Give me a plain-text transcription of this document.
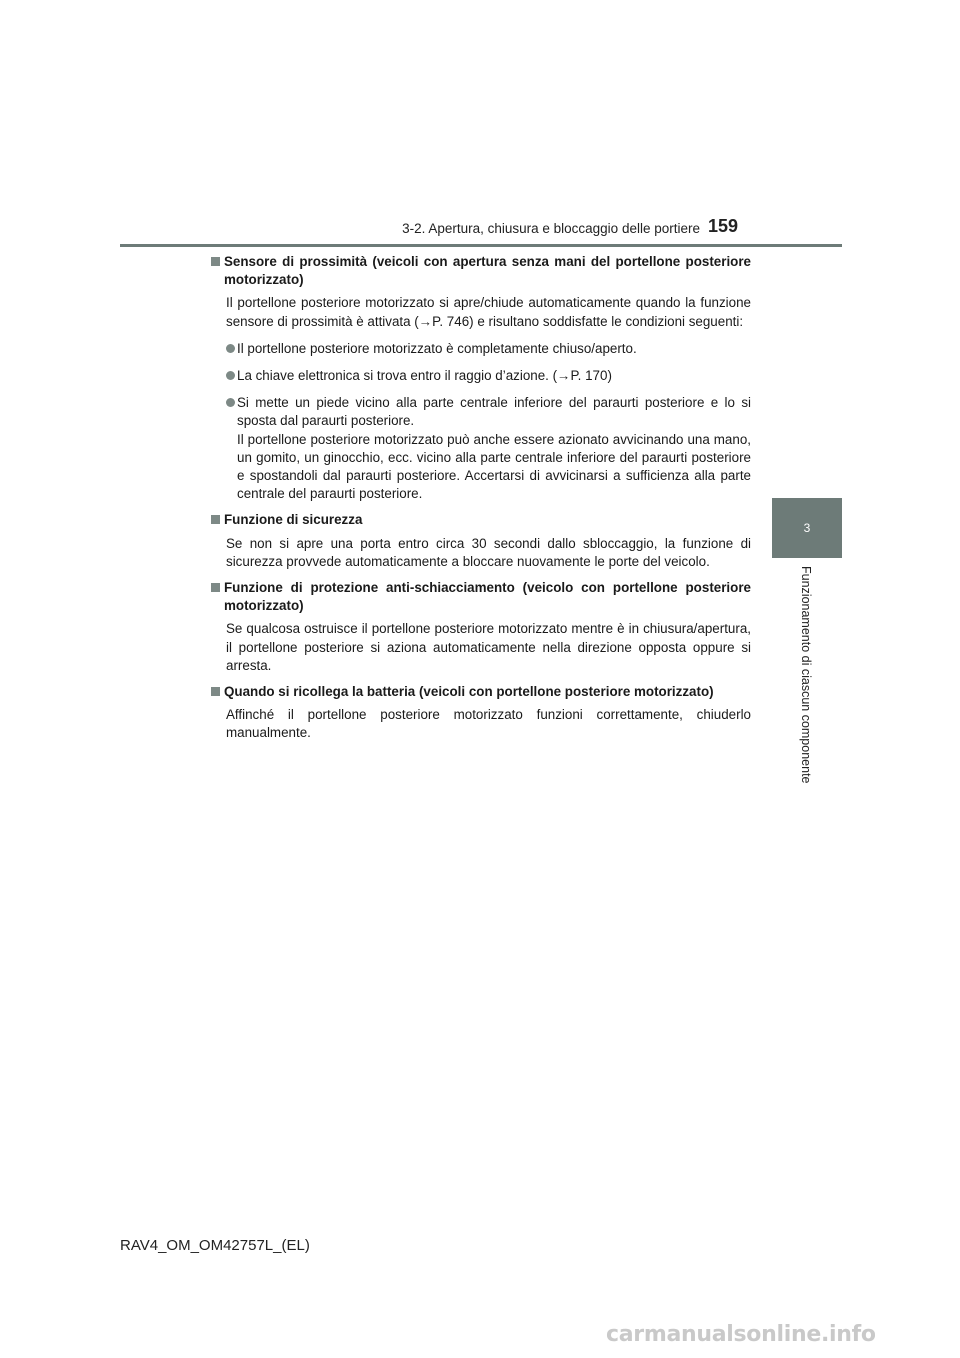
3-2. Apertura, chiusura e bloccaggio delle portiere 159
3
Funzionamento di ciascun componente
Sensore di prossimità (veicoli con apertura senza mani del portellone posteriore motorizzato)
Il portellone posteriore motorizzato si apre/chiude automaticamente quando la funzione sensore di prossimità è attivata (→P. 746) e risultano soddisfatte le condizioni seguenti:
Il portellone posteriore motorizzato è completamente chiuso/aperto.
La chiave elettronica si trova entro il raggio d’azione. (→P. 170)
Si mette un piede vicino alla parte centrale inferiore del paraurti posteriore e lo si sposta dal paraurti posteriore.
Il portellone posteriore motorizzato può anche essere azionato avvicinando una mano, un gomito, un ginocchio, ecc. vicino alla parte centrale inferiore del paraurti posteriore e spostandoli dal paraurti posteriore. Accertarsi di avvicinarsi a sufficienza alla parte centrale del paraurti posteriore.
Funzione di sicurezza
Se non si apre una porta entro circa 30 secondi dallo sbloccaggio, la funzione di sicurezza provvede automaticamente a bloccare nuovamente le porte del veicolo.
Funzione di protezione anti-schiacciamento (veicolo con portellone posteriore motorizzato)
Se qualcosa ostruisce il portellone posteriore motorizzato mentre è in chiusura/apertura, il portellone posteriore si aziona automaticamente nella direzione opposta oppure si arresta.
Quando si ricollega la batteria (veicoli con portellone posteriore motorizzato)
Affinché il portellone posteriore motorizzato funzioni correttamente, chiuderlo manualmente.
RAV4_OM_OM42757L_(EL)
carmanualsonline.info
